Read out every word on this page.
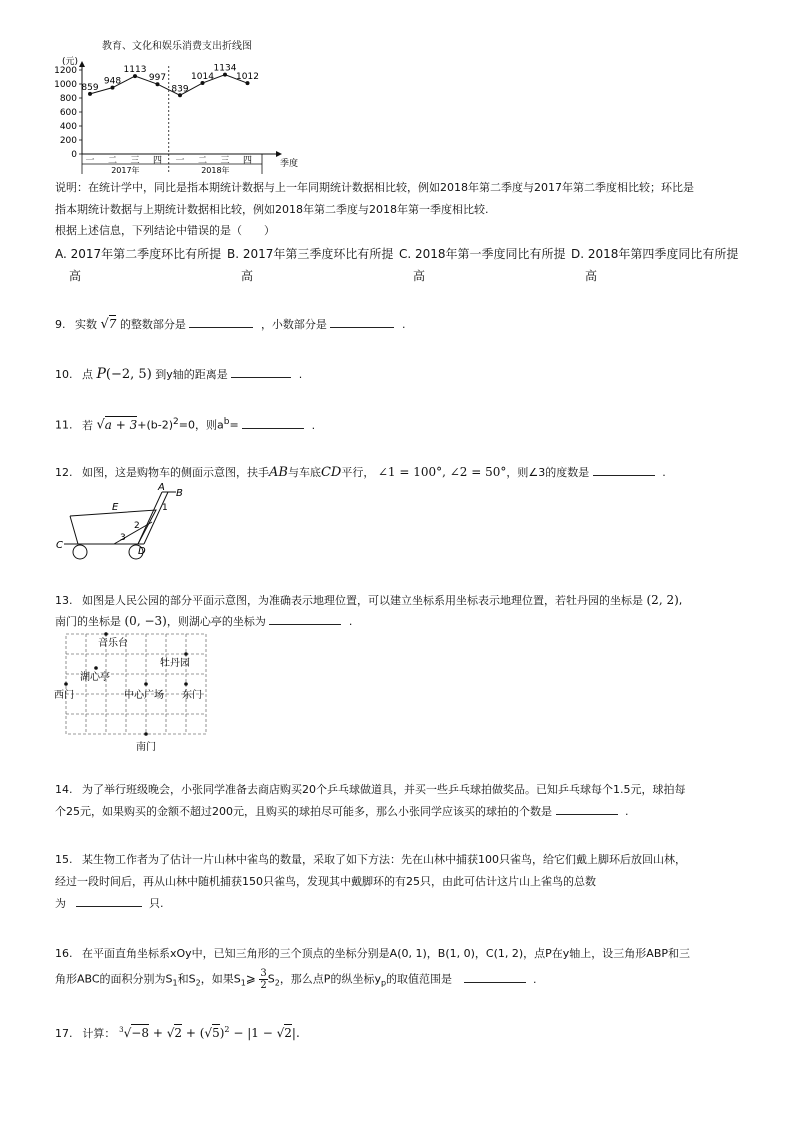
教育、文化和娱乐消费支出折线图
(元)
0
200
400
600
800
1000
1200
859
948
1113
997
839
1014
1134
1012
一 二 三 四 一 二 三 四
2017年	2018年
季度
说明：在统计学中，同比是指本期统计数据与上一年同期统计数据相比较，例如2018年第二季度与2017年第二季度相比较；环比是
指本期统计数据与上期统计数据相比较，例如2018年第二季度与2018年第一季度相比较.
根据上述信息，下列结论中错误的是（　　）
A. 2017年第二季度环比有所提
高
B. 2017年第三季度环比有所提
高
C. 2018年第一季度同比有所提
高
D. 2018年第四季度同比有所提
高
9. 实数 √7 的整数部分是	，小数部分是	.
10. 点 P(−2, 5) 到y轴的距离是	.
11. 若 $√a + 3+(b-2)^2=0$，则$a^b=$	.
12. 如图，这是购物车的侧面示意图，扶手AB与车底CD平行， ∠1 = 100°, ∠2 = 50°，则∠3的度数是	.
A
B
1
E
2
3
C
D
13. 如图是人民公园的部分平面示意图，为准确表示地理位置，可以建立坐标系用坐标表示地理位置，若牡丹园的坐标是 (2, 2),
南门的坐标是 (0, −3)，则湖心亭的坐标为	.
音乐台
牡丹园
湖心亭
西门	中心广场 东门
南门
14. 为了举行班级晚会，小张同学准备去商店购买20个乒乓球做道具，并买一些乒乓球拍做奖品。已知乒乓球每个1.5元，球拍每
个25元，如果购买的金额不超过200元，且购买的球拍尽可能多，那么小张同学应该买的球拍的个数是	.
15. 某生物工作者为了估计一片山林中雀鸟的数量，采取了如下方法：先在山林中捕获100只雀鸟，给它们戴上脚环后放回山林，
经过一段时间后，再从山林中随机捕获150只雀鸟，发现其中戴脚环的有25只，由此可估计这片山上雀鸟的总数
为	只.
16. 在平面直角坐标系xOy中，已知三角形的三个顶点的坐标分别是A(0, 1)，B(1, 0)，C(1, 2)，点P在y轴上，设三角形ABP和三
角形ABC的面积分别为$S_1$和$S_2$，如果$S_1⩾ \frac{3}{2} S_2$，那么点P的纵坐标$y_p$的取值范围是	.
17. 计算： $^3√-8 + √2 + (√5)^2 - |1 - √2|$.
